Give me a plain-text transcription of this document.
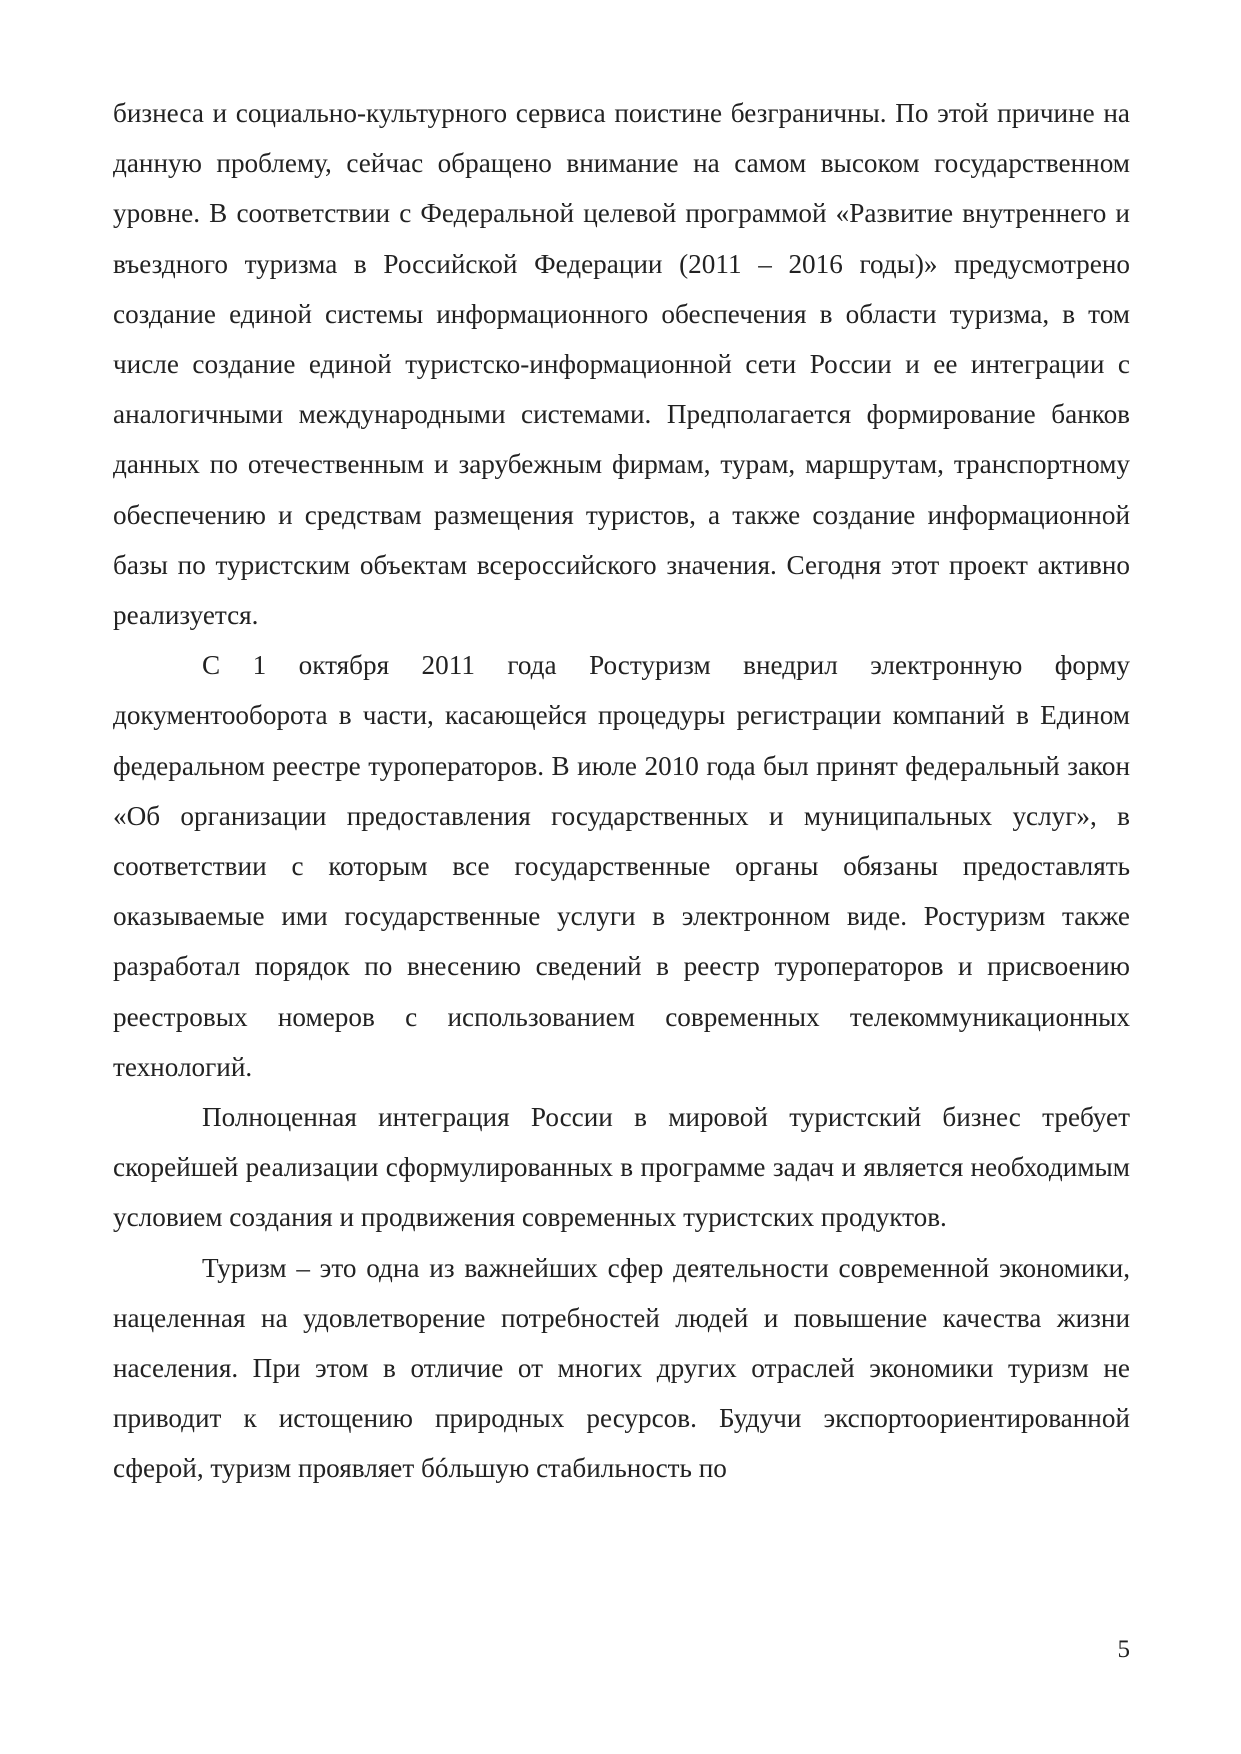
бизнеса и социально-культурного сервиса поистине безграничны. По этой причине на данную проблему, сейчас обращено внимание на самом высоком государственном уровне. В соответствии с Федеральной целевой программой «Развитие внутреннего и въездного туризма в Российской Федерации (2011 – 2016 годы)» предусмотрено создание единой системы информационного обеспечения в области туризма, в том числе создание единой туристско-информационной сети России и ее интеграции с аналогичными международными системами. Предполагается формирование банков данных по отечественным и зарубежным фирмам, турам, маршрутам, транспортному обеспечению и средствам размещения туристов, а также создание информационной базы по туристским объектам всероссийского значения. Сегодня этот проект активно реализуется.

С 1 октября 2011 года Ростуризм внедрил электронную форму документооборота в части, касающейся процедуры регистрации компаний в Едином федеральном реестре туроператоров. В июле 2010 года был принят федеральный закон «Об организации предоставления государственных и муниципальных услуг», в соответствии с которым все государственные органы обязаны предоставлять оказываемые ими государственные услуги в электронном виде. Ростуризм также разработал порядок по внесению сведений в реестр туроператоров и присвоению реестровых номеров с использованием современных телекоммуникационных технологий.

Полноценная интеграция России в мировой туристский бизнес требует скорейшей реализации сформулированных в программе задач и является необходимым условием создания и продвижения современных туристских продуктов.

Туризм – это одна из важнейших сфер деятельности современной экономики, нацеленная на удовлетворение потребностей людей и повышение качества жизни населения. При этом в отличие от многих других отраслей экономики туризм не приводит к истощению природных ресурсов. Будучи экспортоориентированной сферой, туризм проявляет бóльшую стабильность по

5
